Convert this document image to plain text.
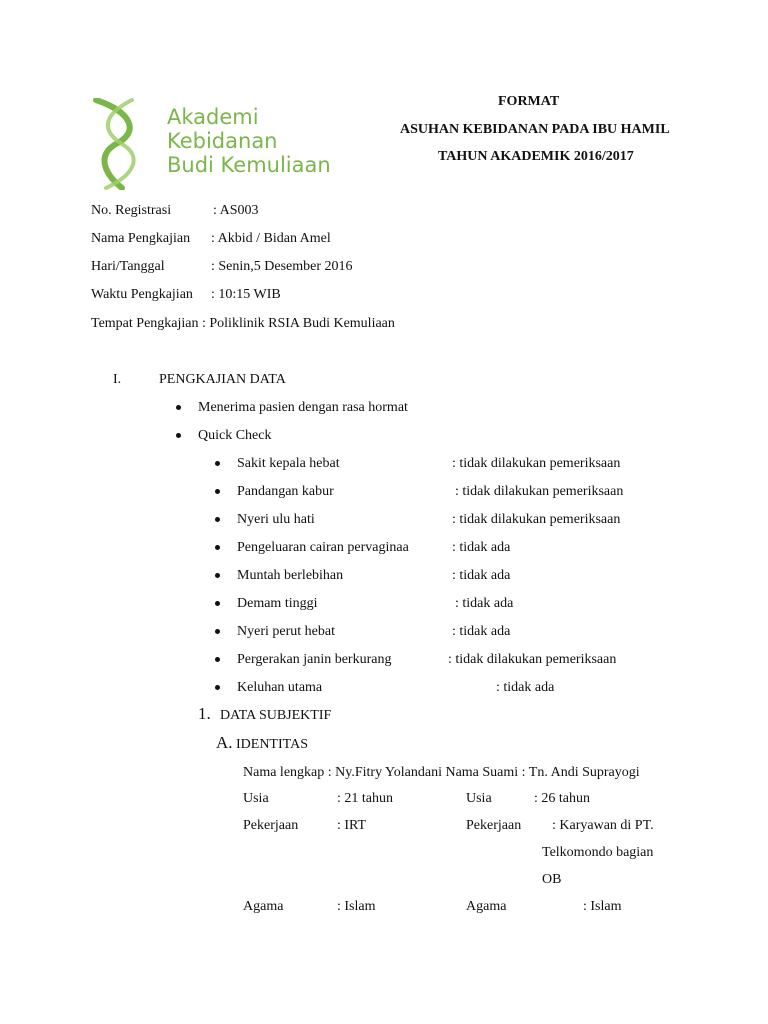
Akademi
Kebidanan
Budi Kemuliaan
FORMAT
ASUHAN KEBIDANAN PADA IBU HAMIL
TAHUN AKADEMIK 2016/2017
No. Registrasi	: AS003
Nama Pengkajian : Akbid / Bidan Amel
Hari/Tanggal	: Senin,5 Desember 2016
Waktu Pengkajian : 10:15 WIB
Tempat Pengkajian : Poliklinik RSIA Budi Kemuliaan
I.	PENGKAJIAN DATA
Menerima pasien dengan rasa hormat
Quick Check
Sakit kepala hebat	: tidak dilakukan pemeriksaan
Pandangan kabur	: tidak dilakukan pemeriksaan
Nyeri ulu hati	: tidak dilakukan pemeriksaan
Pengeluaran cairan pervaginaa	: tidak ada
Muntah berlebihan	: tidak ada
Demam tinggi	: tidak ada
Nyeri perut hebat	: tidak ada
Pergerakan janin berkurang	: tidak dilakukan pemeriksaan
Keluhan utama	: tidak ada
1. DATA SUBJEKTIF
A. IDENTITAS
Nama lengkap : Ny.Fitry Yolandani Nama Suami : Tn. Andi Suprayogi
Usia	: 21 tahun	Usia	: 26 tahun
Pekerjaan	: IRT	Pekerjaan : Karyawan di PT.
Telkomondo bagian
OB
Agama	: Islam	Agama	: Islam
